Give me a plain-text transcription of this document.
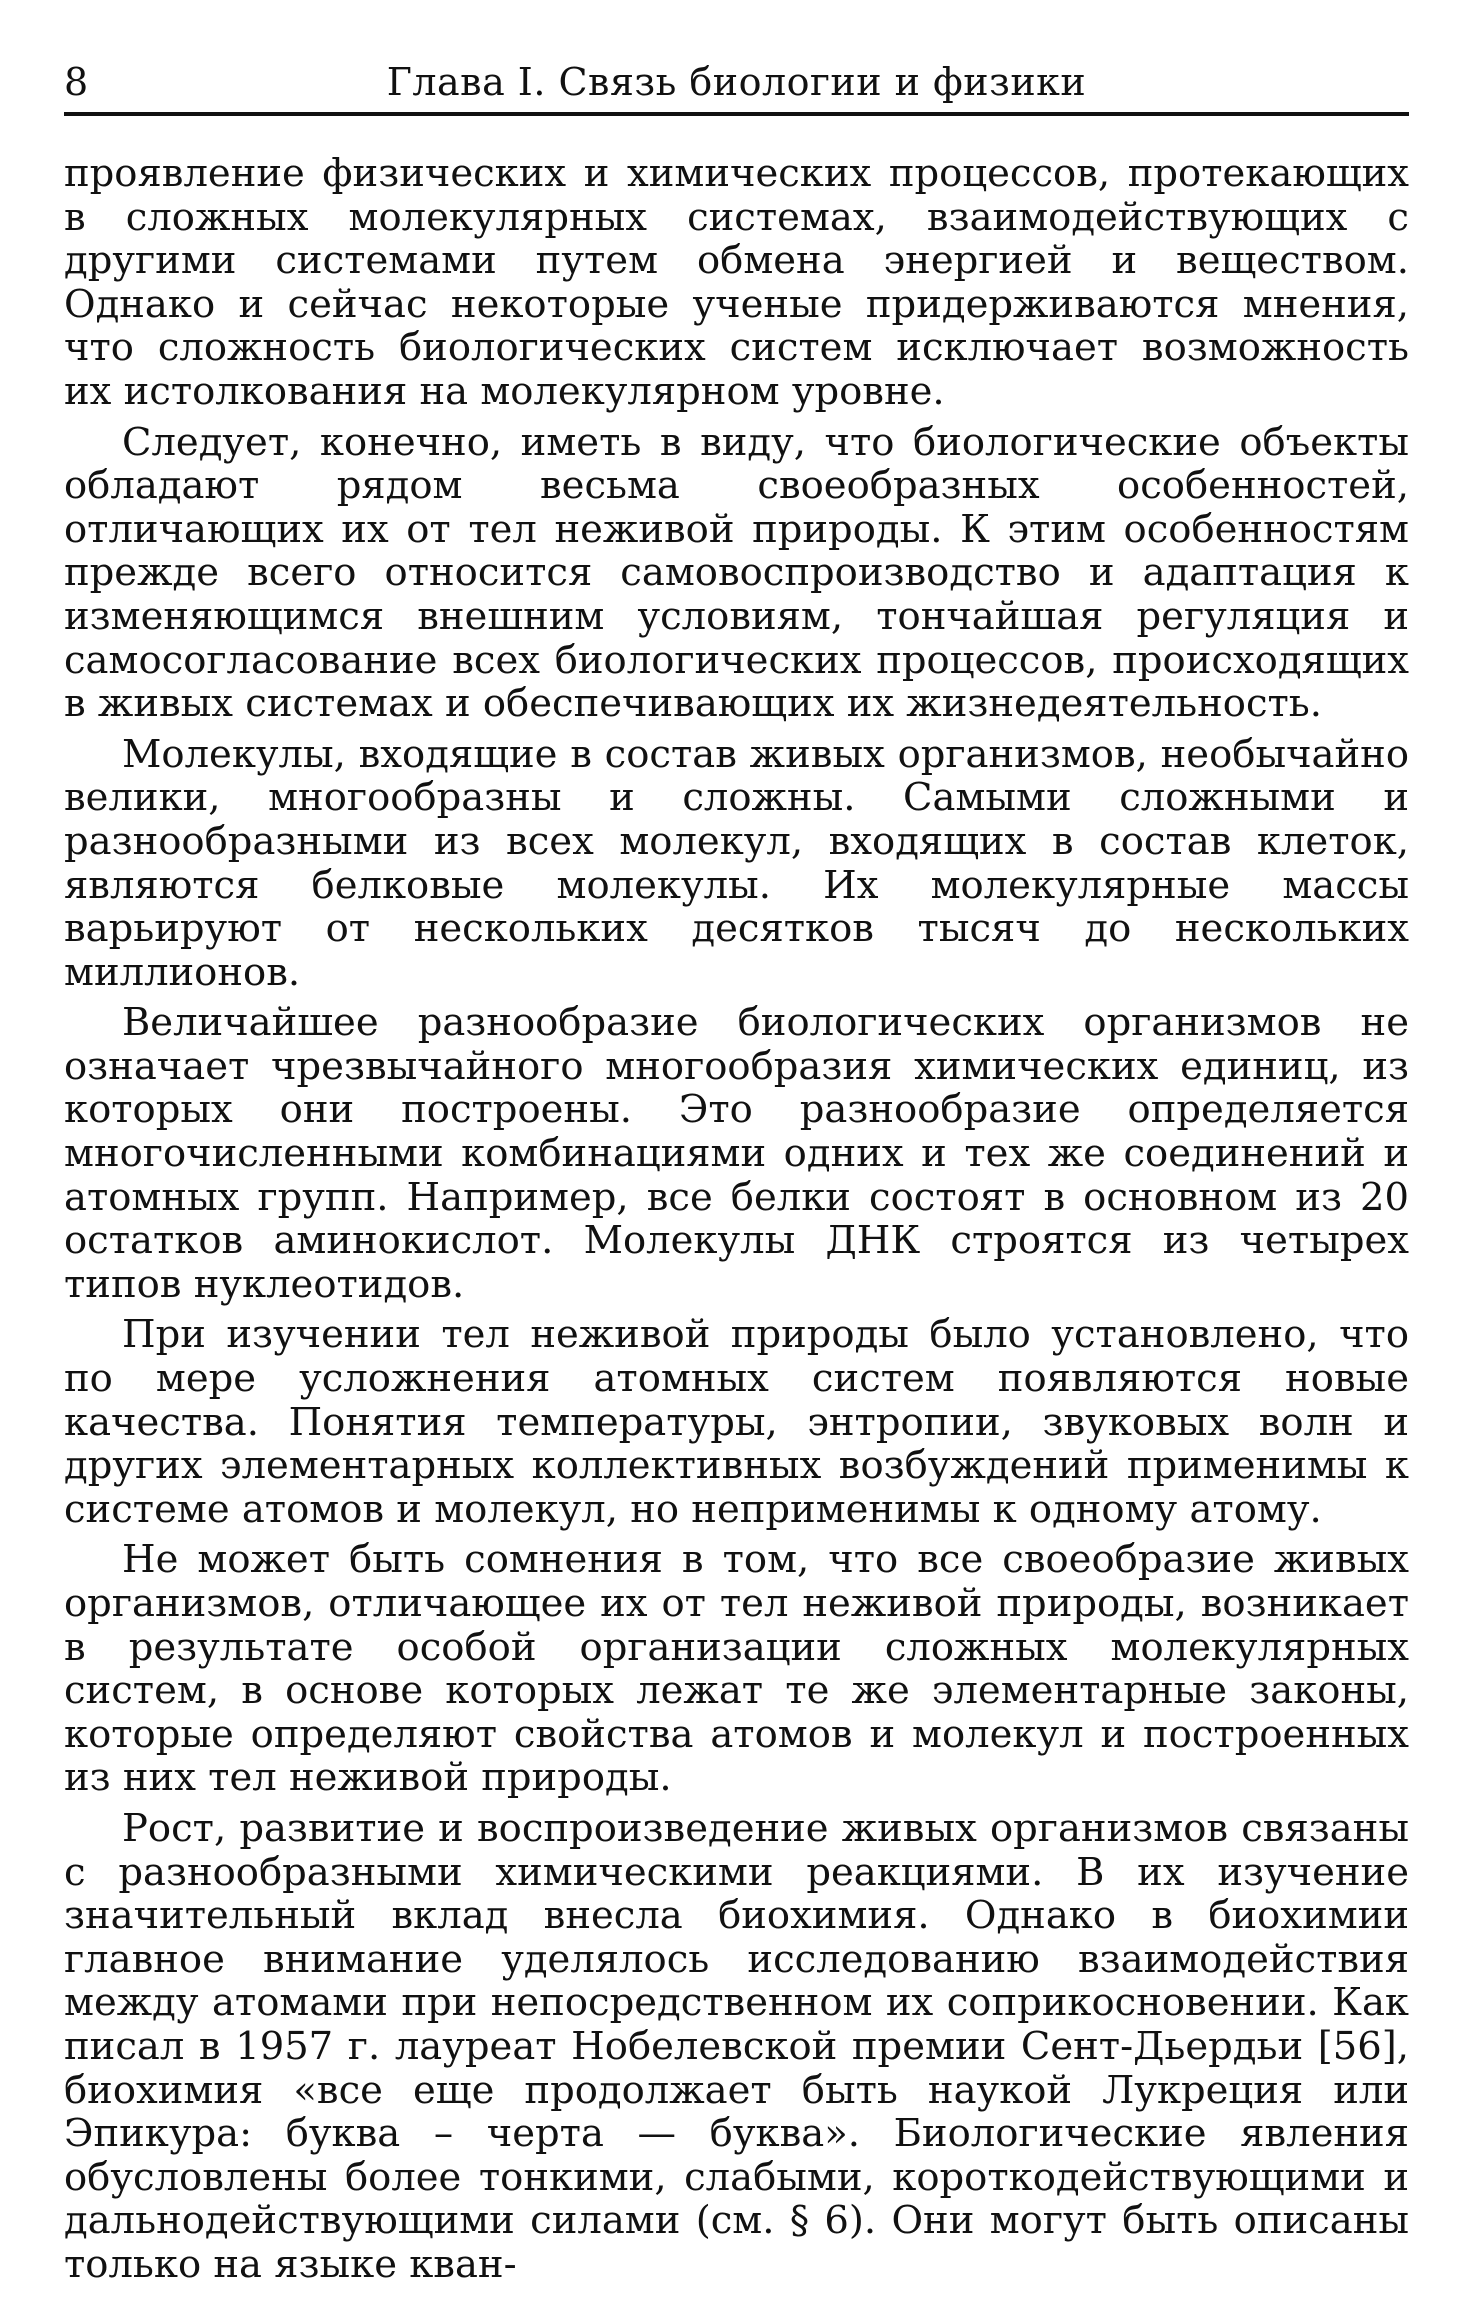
8	Глава I. Связь биологии и физики

проявление физических и химических процессов, протекающих в сложных молекулярных системах, взаимодействующих с другими системами путем обмена энергией и веществом. Однако и сейчас некоторые ученые придерживаются мнения, что сложность биологических систем исключает возможность их истолкования на молекулярном уровне.

Следует, конечно, иметь в виду, что биологические объекты обладают рядом весьма своеобразных особенностей, отличающих их от тел неживой природы. К этим особенностям прежде всего относится самовоспроизводство и адаптация к изменяющимся внешним условиям, тончайшая регуляция и самосогласование всех биологических процессов, происходящих в живых системах и обеспечивающих их жизнедеятельность.

Молекулы, входящие в состав живых организмов, необычайно велики, многообразны и сложны. Самыми сложными и разнообразными из всех молекул, входящих в состав клеток, являются белковые молекулы. Их молекулярные массы варьируют от нескольких десятков тысяч до нескольких миллионов.

Величайшее разнообразие биологических организмов не означает чрезвычайного многообразия химических единиц, из которых они построены. Это разнообразие определяется многочисленными комбинациями одних и тех же соединений и атомных групп. Например, все белки состоят в основном из 20 остатков аминокислот. Молекулы ДНК строятся из четырех типов нуклеотидов.

При изучении тел неживой природы было установлено, что по мере усложнения атомных систем появляются новые качества. Понятия температуры, энтропии, звуковых волн и других элементарных коллективных возбуждений применимы к системе атомов и молекул, но неприменимы к одному атому.

Не может быть сомнения в том, что все своеобразие живых организмов, отличающее их от тел неживой природы, возникает в результате особой организации сложных молекулярных систем, в основе которых лежат те же элементарные законы, которые определяют свойства атомов и молекул и построенных из них тел неживой природы.

Рост, развитие и воспроизведение живых организмов связаны с разнообразными химическими реакциями. В их изучение значительный вклад внесла биохимия. Однако в биохимии главное внимание уделялось исследованию взаимодействия между атомами при непосредственном их соприкосновении. Как писал в 1957 г. лауреат Нобелевской премии Сент-Дьердьи [56], биохимия «все еще продолжает быть наукой Лукреция или Эпикура: буква – черта — буква». Биологические явления обусловлены более тонкими, слабыми, короткодействующими и дальнодействующими силами (см. § 6). Они могут быть описаны только на языке кван-
